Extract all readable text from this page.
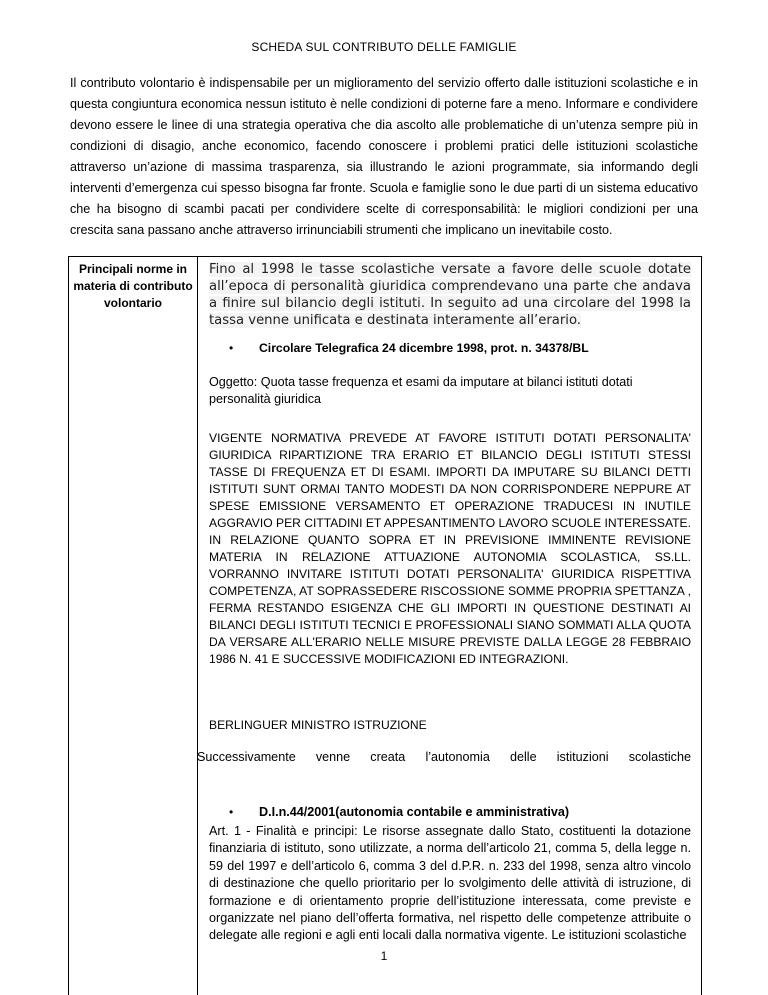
SCHEDA SUL CONTRIBUTO DELLE FAMIGLIE

Il contributo volontario è indispensabile per un miglioramento del servizio offerto dalle istituzioni scolastiche e in questa congiuntura economica nessun istituto è nelle condizioni di poterne fare a meno. Informare e condividere devono essere le linee di una strategia operativa che dia ascolto alle problematiche di un’utenza sempre più in condizioni di disagio, anche economico, facendo conoscere i problemi pratici delle istituzioni scolastiche attraverso un’azione di massima trasparenza, sia illustrando le azioni programmate, sia informando degli interventi d’emergenza cui spesso bisogna far fronte. Scuola e famiglie sono le due parti di un sistema educativo che ha bisogno di scambi pacati per condividere scelte di corresponsabilità: le migliori condizioni per una crescita sana passano anche attraverso irrinunciabili strumenti che implicano un inevitabile costo.

Principali norme in materia di contributo volontario

Fino al 1998 le tasse scolastiche versate a favore delle scuole dotate all’epoca di personalità giuridica comprendevano una parte che andava a finire sul bilancio degli istituti. In seguito ad una circolare del 1998 la tassa venne unificata e destinata interamente all’erario.

• Circolare Telegrafica 24 dicembre 1998, prot. n. 34378/BL

Oggetto: Quota tasse frequenza et esami da imputare at bilanci istituti dotati personalità giuridica

VIGENTE NORMATIVA PREVEDE AT FAVORE ISTITUTI DOTATI PERSONALITA' GIURIDICA RIPARTIZIONE TRA ERARIO ET BILANCIO DEGLI ISTITUTI STESSI TASSE DI FREQUENZA ET DI ESAMI. IMPORTI DA IMPUTARE SU BILANCI DETTI ISTITUTI SUNT ORMAI TANTO MODESTI DA NON CORRISPONDERE NEPPURE AT SPESE EMISSIONE VERSAMENTO ET OPERAZIONE TRADUCESI IN INUTILE AGGRAVIO PER CITTADINI ET APPESANTIMENTO LAVORO SCUOLE INTERESSATE. IN RELAZIONE QUANTO SOPRA ET IN PREVISIONE IMMINENTE REVISIONE MATERIA IN RELAZIONE ATTUAZIONE AUTONOMIA SCOLASTICA, SS.LL. VORRANNO INVITARE ISTITUTI DOTATI PERSONALITA' GIURIDICA RISPETTIVA COMPETENZA, AT SOPRASSEDERE RISCOSSIONE SOMME PROPRIA SPETTANZA , FERMA RESTANDO ESIGENZA CHE GLI IMPORTI IN QUESTIONE DESTINATI AI BILANCI DEGLI ISTITUTI TECNICI E PROFESSIONALI SIANO SOMMATI ALLA QUOTA DA VERSARE ALL'ERARIO NELLE MISURE PREVISTE DALLA LEGGE 28 FEBBRAIO 1986 N. 41 E SUCCESSIVE MODIFICAZIONI ED INTEGRAZIONI.

BERLINGUER MINISTRO ISTRUZIONE

Successivamente venne creata l’autonomia delle istituzioni scolastiche

• D.I.n.44/2001(autonomia contabile e amministrativa)

Art. 1 - Finalità e principi: Le risorse assegnate dallo Stato, costituenti la dotazione finanziaria di istituto, sono utilizzate, a norma dell’articolo 21, comma 5, della legge n. 59 del 1997 e dell’articolo 6, comma 3 del d.P.R. n. 233 del 1998, senza altro vincolo di destinazione che quello prioritario per lo svolgimento delle attività di istruzione, di formazione e di orientamento proprie dell’istituzione interessata, come previste e organizzate nel piano dell’offerta formativa, nel rispetto delle competenze attribuite o delegate alle regioni e agli enti locali dalla normativa vigente. Le istituzioni scolastiche

1
